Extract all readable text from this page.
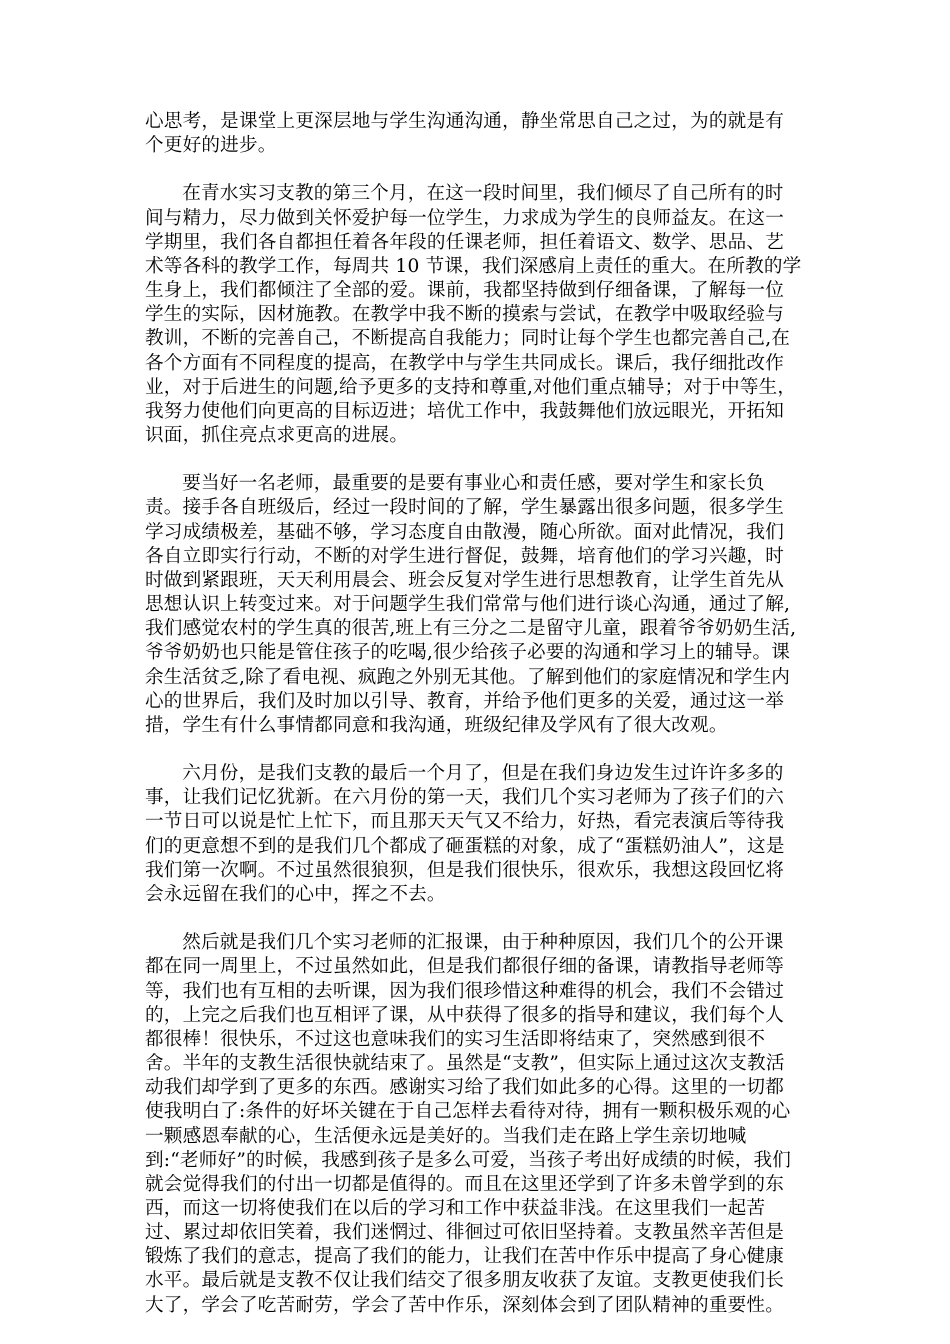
心思考，是课堂上更深层地与学生沟通沟通，静坐常思自己之过，为的就是有
个更好的进步。

在青水实习支教的第三个月，在这一段时间里，我们倾尽了自己所有的时
间与精力，尽力做到关怀爱护每一位学生，力求成为学生的良师益友。在这一
学期里，我们各自都担任着各年段的任课老师，担任着语文、数学、思品、艺
术等各科的教学工作，每周共 10 节课，我们深感肩上责任的重大。在所教的学
生身上，我们都倾注了全部的爱。课前，我都坚持做到仔细备课，了解每一位
学生的实际，因材施教。在教学中我不断的摸索与尝试，在教学中吸取经验与
教训，不断的完善自己，不断提高自我能力；同时让每个学生也都完善自己,在
各个方面有不同程度的提高，在教学中与学生共同成长。课后，我仔细批改作
业，对于后进生的问题,给予更多的支持和尊重,对他们重点辅导；对于中等生，
我努力使他们向更高的目标迈进；培优工作中，我鼓舞他们放远眼光，开拓知
识面，抓住亮点求更高的进展。

要当好一名老师，最重要的是要有事业心和责任感，要对学生和家长负
责。接手各自班级后，经过一段时间的了解，学生暴露出很多问题，很多学生
学习成绩极差，基础不够，学习态度自由散漫，随心所欲。面对此情况，我们
各自立即实行行动，不断的对学生进行督促，鼓舞，培育他们的学习兴趣，时
时做到紧跟班，天天利用晨会、班会反复对学生进行思想教育，让学生首先从
思想认识上转变过来。对于问题学生我们常常与他们进行谈心沟通，通过了解,
我们感觉农村的学生真的很苦,班上有三分之二是留守儿童，跟着爷爷奶奶生活,
爷爷奶奶也只能是管住孩子的吃喝,很少给孩子必要的沟通和学习上的辅导。课
余生活贫乏,除了看电视、疯跑之外别无其他。了解到他们的家庭情况和学生内
心的世界后，我们及时加以引导、教育，并给予他们更多的关爱，通过这一举
措，学生有什么事情都同意和我沟通，班级纪律及学风有了很大改观。

六月份，是我们支教的最后一个月了，但是在我们身边发生过许许多多的
事，让我们记忆犹新。在六月份的第一天，我们几个实习老师为了孩子们的六
一节日可以说是忙上忙下，而且那天天气又不给力，好热，看完表演后等待我
们的更意想不到的是我们几个都成了砸蛋糕的对象，成了“蛋糕奶油人”，这是
我们第一次啊。不过虽然很狼狈，但是我们很快乐，很欢乐，我想这段回忆将
会永远留在我们的心中，挥之不去。

然后就是我们几个实习老师的汇报课，由于种种原因，我们几个的公开课
都在同一周里上，不过虽然如此，但是我们都很仔细的备课，请教指导老师等
等，我们也有互相的去听课，因为我们很珍惜这种难得的机会，我们不会错过
的，上完之后我们也互相评了课，从中获得了很多的指导和建议，我们每个人
都很棒！很快乐，不过这也意味我们的实习生活即将结束了，突然感到很不
舍。半年的支教生活很快就结束了。虽然是“支教”，但实际上通过这次支教活
动我们却学到了更多的东西。感谢实习给了我们如此多的心得。这里的一切都
使我明白了:条件的好坏关键在于自己怎样去看待对待，拥有一颗积极乐观的心
一颗感恩奉献的心，生活便永远是美好的。当我们走在路上学生亲切地喊
到:“老师好”的时候，我感到孩子是多么可爱，当孩子考出好成绩的时候，我们
就会觉得我们的付出一切都是值得的。而且在这里还学到了许多未曾学到的东
西，而这一切将使我们在以后的学习和工作中获益非浅。在这里我们一起苦
过、累过却依旧笑着，我们迷惘过、徘徊过可依旧坚持着。支教虽然辛苦但是
锻炼了我们的意志，提高了我们的能力，让我们在苦中作乐中提高了身心健康
水平。最后就是支教不仅让我们结交了很多朋友收获了友谊。支教更使我们长
大了，学会了吃苦耐劳，学会了苦中作乐，深刻体会到了团队精神的重要性。
